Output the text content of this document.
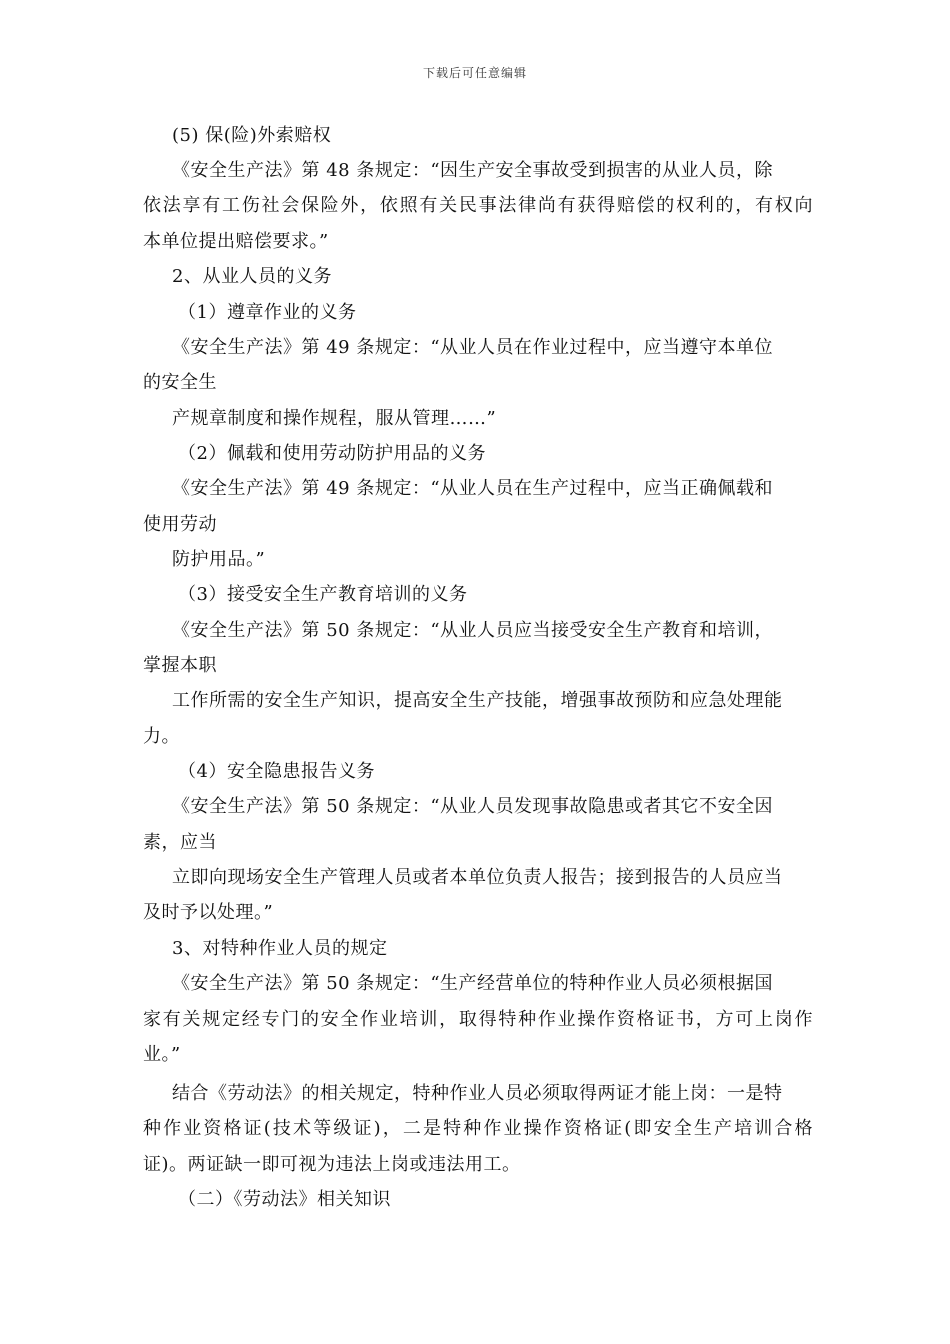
下载后可任意编辑
(5) 保(险)外索赔权
《安全生产法》第 48 条规定：“因生产安全事故受到损害的从业人员，除
依法享有工伤社会保险外，依照有关民事法律尚有获得赔偿的权利的，有权向
本单位提出赔偿要求。”
2、从业人员的义务
（1）遵章作业的义务
《安全生产法》第 49 条规定：“从业人员在作业过程中，应当遵守本单位
的安全生
产规章制度和操作规程，服从管理……”
（2）佩载和使用劳动防护用品的义务
《安全生产法》第 49 条规定：“从业人员在生产过程中，应当正确佩载和
使用劳动
防护用品。”
（3）接受安全生产教育培训的义务
《安全生产法》第 50 条规定：“从业人员应当接受安全生产教育和培训，
掌握本职
工作所需的安全生产知识，提高安全生产技能，增强事故预防和应急处理能
力。
（4）安全隐患报告义务
《安全生产法》第 50 条规定：“从业人员发现事故隐患或者其它不安全因
素，应当
立即向现场安全生产管理人员或者本单位负责人报告；接到报告的人员应当
及时予以处理。”
3、对特种作业人员的规定
《安全生产法》第 50 条规定：“生产经营单位的特种作业人员必须根据国
家有关规定经专门的安全作业培训，取得特种作业操作资格证书，方可上岗作
业。”
结合《劳动法》的相关规定，特种作业人员必须取得两证才能上岗：一是特
种作业资格证(技术等级证)，二是特种作业操作资格证(即安全生产培训合格
证)。两证缺一即可视为违法上岗或违法用工。
（二）《劳动法》相关知识
